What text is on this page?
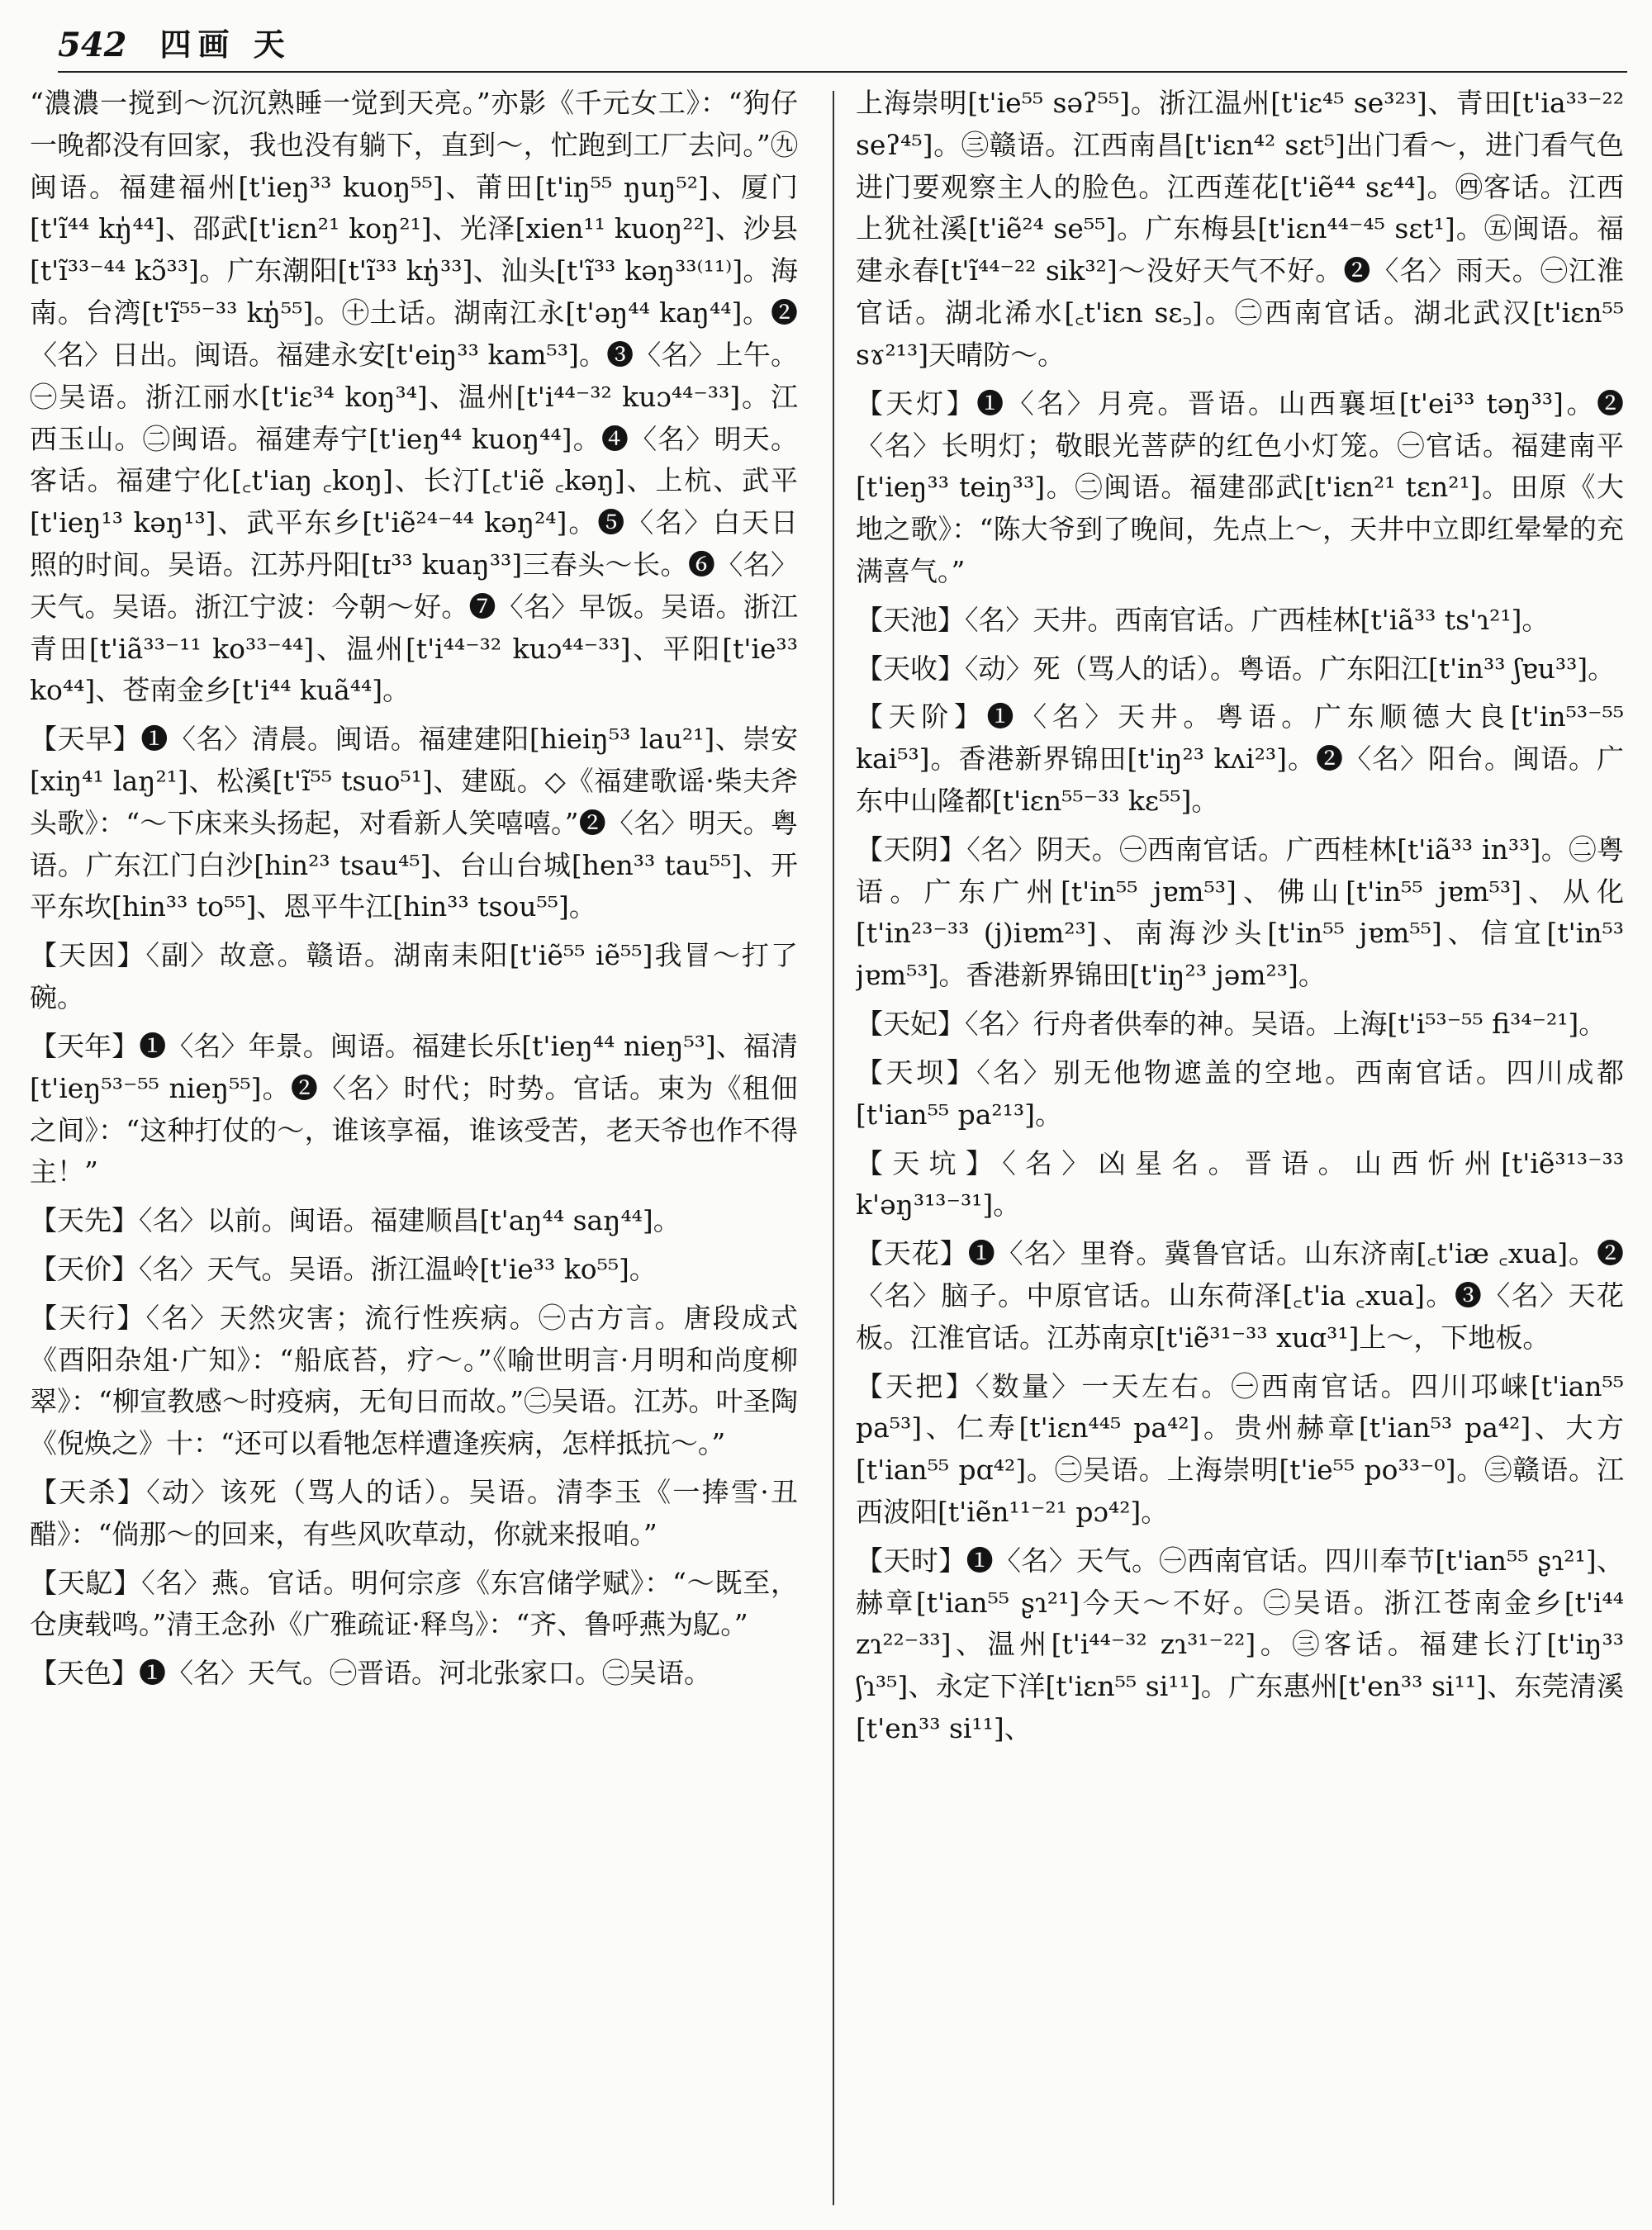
542 四画 天

“濃濃一搅到～沉沉熟睡一觉到天亮。”亦影《千元女工》：“狗仔一晚都没有回家，我也没有躺下，直到～，忙跑到工厂去问。”㊈闽语。福建福州[t'ieŋ³³ kuoŋ⁵⁵]、莆田[t'iŋ⁵⁵ ŋuŋ⁵²]、厦门[t'ĩ⁴⁴ kŋ̍⁴⁴]、邵武[t'iɛn²¹ koŋ²¹]、光泽[xien¹¹ kuoŋ²²]、沙县[t'ĩ³³⁻⁴⁴ kɔ̃³³]。广东潮阳[t'ĩ³³ kŋ̍³³]、汕头[t'ĩ³³ kəŋ³³⁽¹¹⁾]。海南。台湾[t'ĩ⁵⁵⁻³³ kŋ̍⁵⁵]。㊉土话。湖南江永[t'əŋ⁴⁴ kaŋ⁴⁴]。❷〈名〉日出。闽语。福建永安[t'eiŋ³³ kam⁵³]。❸〈名〉上午。㊀吴语。浙江丽水[t'iɛ³⁴ koŋ³⁴]、温州[t'i⁴⁴⁻³² kuɔ⁴⁴⁻³³]。江西玉山。㊁闽语。福建寿宁[t'ieŋ⁴⁴ kuoŋ⁴⁴]。❹〈名〉明天。客话。福建宁化[꜀t'iaŋ ꜀koŋ]、长汀[꜀t'iẽ ꜀kəŋ]、上杭、武平[t'ieŋ¹³ kəŋ¹³]、武平东乡[t'iẽ²⁴⁻⁴⁴ kəŋ²⁴]。❺〈名〉白天日照的时间。吴语。江苏丹阳[tɪ³³ kuaŋ³³]三春头～长。❻〈名〉天气。吴语。浙江宁波：今朝～好。❼〈名〉早饭。吴语。浙江青田[t'iã³³⁻¹¹ ko³³⁻⁴⁴]、温州[t'i⁴⁴⁻³² kuɔ⁴⁴⁻³³]、平阳[t'ie³³ ko⁴⁴]、苍南金乡[t'i⁴⁴ kuã⁴⁴]。

【天早】❶〈名〉清晨。闽语。福建建阳[hieiŋ⁵³ lau²¹]、崇安[xiŋ⁴¹ laŋ²¹]、松溪[t'ĩ⁵⁵ tsuo⁵¹]、建瓯。◇《福建歌谣·柴夫斧头歌》：“～下床来头扬起，对看新人笑嘻嘻。”❷〈名〉明天。粤语。广东江门白沙[hin²³ tsau⁴⁵]、台山台城[hen³³ tau⁵⁵]、开平东坎[hin³³ to⁵⁵]、恩平牛江[hin³³ tsou⁵⁵]。

【天因】〈副〉故意。赣语。湖南耒阳[t'iẽ⁵⁵ iẽ⁵⁵]我冒～打了碗。

【天年】❶〈名〉年景。闽语。福建长乐[t'ieŋ⁴⁴ nieŋ⁵³]、福清[t'ieŋ⁵³⁻⁵⁵ nieŋ⁵⁵]。❷〈名〉时代；时势。官话。束为《租佃之间》：“这种打仗的～，谁该享福，谁该受苦，老天爷也作不得主！”

【天先】〈名〉以前。闽语。福建顺昌[t'aŋ⁴⁴ saŋ⁴⁴]。

【天价】〈名〉天气。吴语。浙江温岭[t'ie³³ ko⁵⁵]。

【天行】〈名〉天然灾害；流行性疾病。㊀古方言。唐段成式《酉阳杂俎·广知》：“船底苔，疗～。”《喻世明言·月明和尚度柳翠》：“柳宣教感～时疫病，无旬日而故。”㊁吴语。江苏。叶圣陶《倪焕之》十：“还可以看牠怎样遭逢疾病，怎样抵抗～。”

【天杀】〈动〉该死（骂人的话）。吴语。清李玉《一捧雪·丑醋》：“倘那～的回来，有些风吹草动，你就来报咱。”

【天鳦】〈名〉燕。官话。明何宗彦《东宫储学赋》：“～既至，仓庚载鸣。”清王念孙《广雅疏证·释鸟》：“齐、鲁呼燕为鳦。”

【天色】❶〈名〉天气。㊀晋语。河北张家口。㊁吴语。

上海崇明[t'ie⁵⁵ səʔ⁵⁵]。浙江温州[t'iɛ⁴⁵ se³²³]、青田[t'ia³³⁻²² seʔ⁴⁵]。㊂赣语。江西南昌[t'iɛn⁴² sɛt⁵]出门看～，进门看气色进门要观察主人的脸色。江西莲花[t'iẽ⁴⁴ sɛ⁴⁴]。㊃客话。江西上犹社溪[t'iẽ²⁴ se⁵⁵]。广东梅县[t'iɛn⁴⁴⁻⁴⁵ sɛt¹]。㊄闽语。福建永春[t'ĩ⁴⁴⁻²² sik³²]～没好天气不好。❷〈名〉雨天。㊀江淮官话。湖北浠水[꜀t'iɛn sɛ꜆]。㊁西南官话。湖北武汉[t'iɛn⁵⁵ sɤ²¹³]天晴防～。

【天灯】❶〈名〉月亮。晋语。山西襄垣[t'ei³³ təŋ³³]。❷〈名〉长明灯；敬眼光菩萨的红色小灯笼。㊀官话。福建南平[t'ieŋ³³ teiŋ³³]。㊁闽语。福建邵武[t'iɛn²¹ tɛn²¹]。田原《大地之歌》：“陈大爷到了晚间，先点上～，天井中立即红晕晕的充满喜气。”

【天池】〈名〉天井。西南官话。广西桂林[t'iã³³ ts'ɿ²¹]。

【天收】〈动〉死（骂人的话）。粤语。广东阳江[t'in³³ ʃɐu³³]。

【天阶】❶〈名〉天井。粤语。广东顺德大良[t'in⁵³⁻⁵⁵ kai⁵³]。香港新界锦田[t'iŋ²³ kʌi²³]。❷〈名〉阳台。闽语。广东中山隆都[t'iɛn⁵⁵⁻³³ kɛ⁵⁵]。

【天阴】〈名〉阴天。㊀西南官话。广西桂林[t'iã³³ in³³]。㊁粤语。广东广州[t'in⁵⁵ jɐm⁵³]、佛山[t'in⁵⁵ jɐm⁵³]、从化[t'in²³⁻³³ (j)iɐm²³]、南海沙头[t'in⁵⁵ jɐm⁵⁵]、信宜[t'in⁵³ jɐm⁵³]。香港新界锦田[t'iŋ²³ jəm²³]。

【天妃】〈名〉行舟者供奉的神。吴语。上海[t'i⁵³⁻⁵⁵ fi³⁴⁻²¹]。

【天坝】〈名〉别无他物遮盖的空地。西南官话。四川成都[t'ian⁵⁵ pa²¹³]。

【天坑】〈名〉凶星名。晋语。山西忻州[t'iẽ³¹³⁻³³ k'əŋ³¹³⁻³¹]。

【天花】❶〈名〉里脊。冀鲁官话。山东济南[꜀t'iæ ꜀xua]。❷〈名〉脑子。中原官话。山东荷泽[꜀t'ia ꜀xua]。❸〈名〉天花板。江淮官话。江苏南京[t'iẽ³¹⁻³³ xuɑ³¹]上～，下地板。

【天把】〈数量〉一天左右。㊀西南官话。四川邛崃[t'ian⁵⁵ pa⁵³]、仁寿[t'iɛn⁴⁴⁵ pa⁴²]。贵州赫章[t'ian⁵³ pa⁴²]、大方[t'ian⁵⁵ pɑ⁴²]。㊁吴语。上海崇明[t'ie⁵⁵ po³³⁻⁰]。㊂赣语。江西波阳[t'iẽn¹¹⁻²¹ pɔ⁴²]。

【天时】❶〈名〉天气。㊀西南官话。四川奉节[t'ian⁵⁵ ʂɿ²¹]、赫章[t'ian⁵⁵ ʂɿ²¹]今天～不好。㊁吴语。浙江苍南金乡[t'i⁴⁴ zɿ²²⁻³³]、温州[t'i⁴⁴⁻³² zɿ³¹⁻²²]。㊂客话。福建长汀[t'iŋ³³ ʃɿ³⁵]、永定下洋[t'iɛn⁵⁵ si¹¹]。广东惠州[t'en³³ si¹¹]、东莞清溪[t'en³³ si¹¹]、
